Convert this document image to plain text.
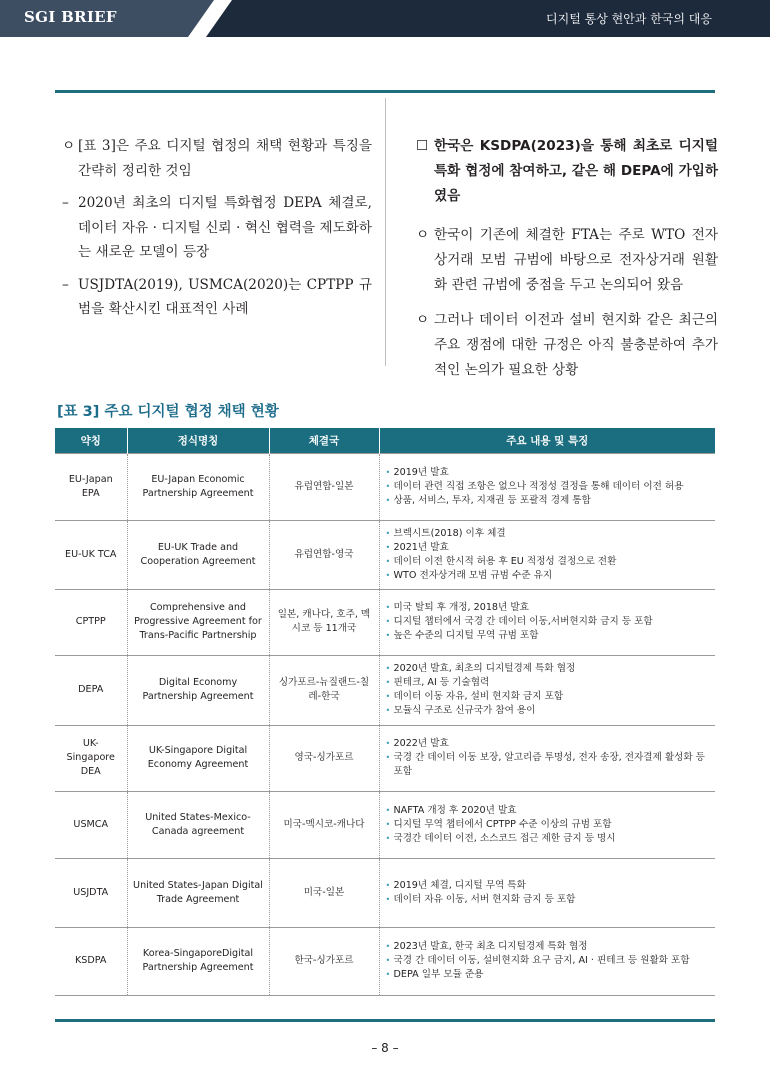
SGI BRIEF	디지털 통상 현안과 한국의 대응
ㅇ [표 3]은 주요 디지털 협정의 채택 현황과 특징을 간략히 정리한 것임
– 2020년 최초의 디지털 특화협정 DEPA 체결로, 데이터 자유 · 디지털 신뢰 · 혁신 협력을 제도화하는 새로운 모델이 등장
– USJDTA(2019), USMCA(2020)는 CPTPP 규범을 확산시킨 대표적인 사례
☐ 한국은 KSDPA(2023)을 통해 최초로 디지털 특화 협정에 참여하고, 같은 해 DEPA에 가입하였음
ㅇ 한국이 기존에 체결한 FTA는 주로 WTO 전자상거래 모범 규범에 바탕으로 전자상거래 원활화 관련 규범에 중점을 두고 논의되어 왔음
ㅇ 그러나 데이터 이전과 설비 현지화 같은 최근의 주요 쟁점에 대한 규정은 아직 불충분하여 추가적인 논의가 필요한 상황
[표 3] 주요 디지털 협정 채택 현황
약칭	정식명칭	체결국	주요 내용 및 특징
EU-Japan EPA	EU-Japan Economic Partnership Agreement	유럽연합-일본	• 2019년 발효
• 데이터 관련 직접 조항은 없으나 적정성 결정을 통해 데이터 이전 허용
• 상품, 서비스, 투자, 지재권 등 포괄적 경제 통합

EU-UK TCA	EU-UK Trade and Cooperation Agreement	유럽연합-영국	• 브렉시트(2018) 이후 체결
• 2021년 발효
• 데이터 이전 한시적 허용 후 EU 적정성 결정으로 전환
• WTO 전자상거래 모범 규범 수준 유지

CPTPP	Comprehensive and Progressive Agreement for Trans-Pacific Partnership	일본, 캐나다, 호주, 멕시코 등 11개국	• 미국 탈퇴 후 개정, 2018년 발효
• 디지털 챕터에서 국경 간 데이터 이동,서버현지화 금지 등 포함
• 높은 수준의 디지털 무역 규범 포함

DEPA	Digital Economy Partnership Agreement	싱가포르-뉴질랜드-칠레-한국	• 2020년 발효, 최초의 디지털경제 특화 협정
• 핀테크, AI 등 기술협력
• 데이터 이동 자유, 설비 현지화 금지 포함
• 모듈식 구조로 신규국가 참여 용이

UK-Singapore DEA	UK-Singapore Digital Economy Agreement	영국-싱가포르	• 2022년 발효
• 국경 간 데이터 이동 보장, 알고리즘 투명성, 전자 송장, 전자결제 활성화 등 포함

USMCA	United States-Mexico-Canada agreement	미국-멕시코-캐나다	• NAFTA 개정 후 2020년 발효
• 디지털 무역 챕터에서 CPTPP 수준 이상의 규범 포함
• 국경간 데이터 이전, 소스코드 접근 제한 금지 등 명시

USJDTA	United States-Japan Digital Trade Agreement	미국-일본	• 2019년 체결, 디지털 무역 특화
• 데이터 자유 이동, 서버 현지화 금지 등 포함

KSDPA	Korea-SingaporeDigital Partnership Agreement	한국-싱가포르	• 2023년 발효, 한국 최초 디지털경제 특화 협정
• 국경 간 데이터 이동, 설비현지화 요구 금지, AI · 핀테크 등 원활화 포함
• DEPA 일부 모듈 준용
– 8 –
